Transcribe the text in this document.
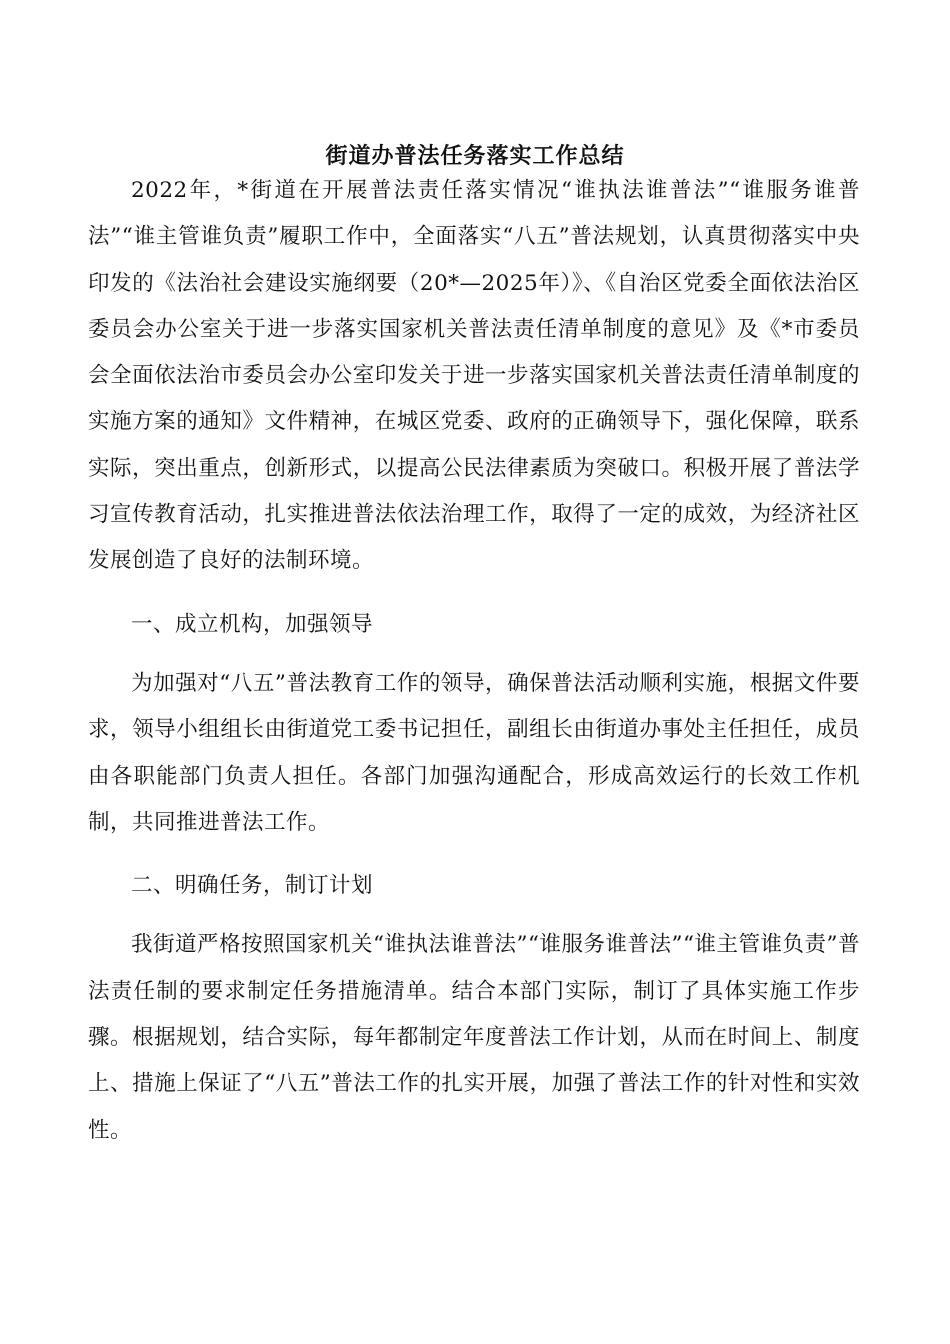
街道办普法任务落实工作总结

2022年，*街道在开展普法责任落实情况“谁执法谁普法”“谁服务谁普法”“谁主管谁负责”履职工作中，全面落实“八五”普法规划，认真贯彻落实中央印发的《法治社会建设实施纲要（20*—2025年）》、《自治区党委全面依法治区委员会办公室关于进一步落实国家机关普法责任清单制度的意见》及《*市委员会全面依法治市委员会办公室印发关于进一步落实国家机关普法责任清单制度的实施方案的通知》文件精神，在城区党委、政府的正确领导下，强化保障，联系实际，突出重点，创新形式，以提高公民法律素质为突破口。积极开展了普法学习宣传教育活动，扎实推进普法依法治理工作，取得了一定的成效，为经济社区发展创造了良好的法制环境。

一、成立机构，加强领导

为加强对“八五”普法教育工作的领导，确保普法活动顺利实施，根据文件要求，领导小组组长由街道党工委书记担任，副组长由街道办事处主任担任，成员由各职能部门负责人担任。各部门加强沟通配合，形成高效运行的长效工作机制，共同推进普法工作。

二、明确任务，制订计划

我街道严格按照国家机关“谁执法谁普法”“谁服务谁普法”“谁主管谁负责”普法责任制的要求制定任务措施清单。结合本部门实际，制订了具体实施工作步骤。根据规划，结合实际，每年都制定年度普法工作计划，从而在时间上、制度上、措施上保证了“八五”普法工作的扎实开展，加强了普法工作的针对性和实效性。
